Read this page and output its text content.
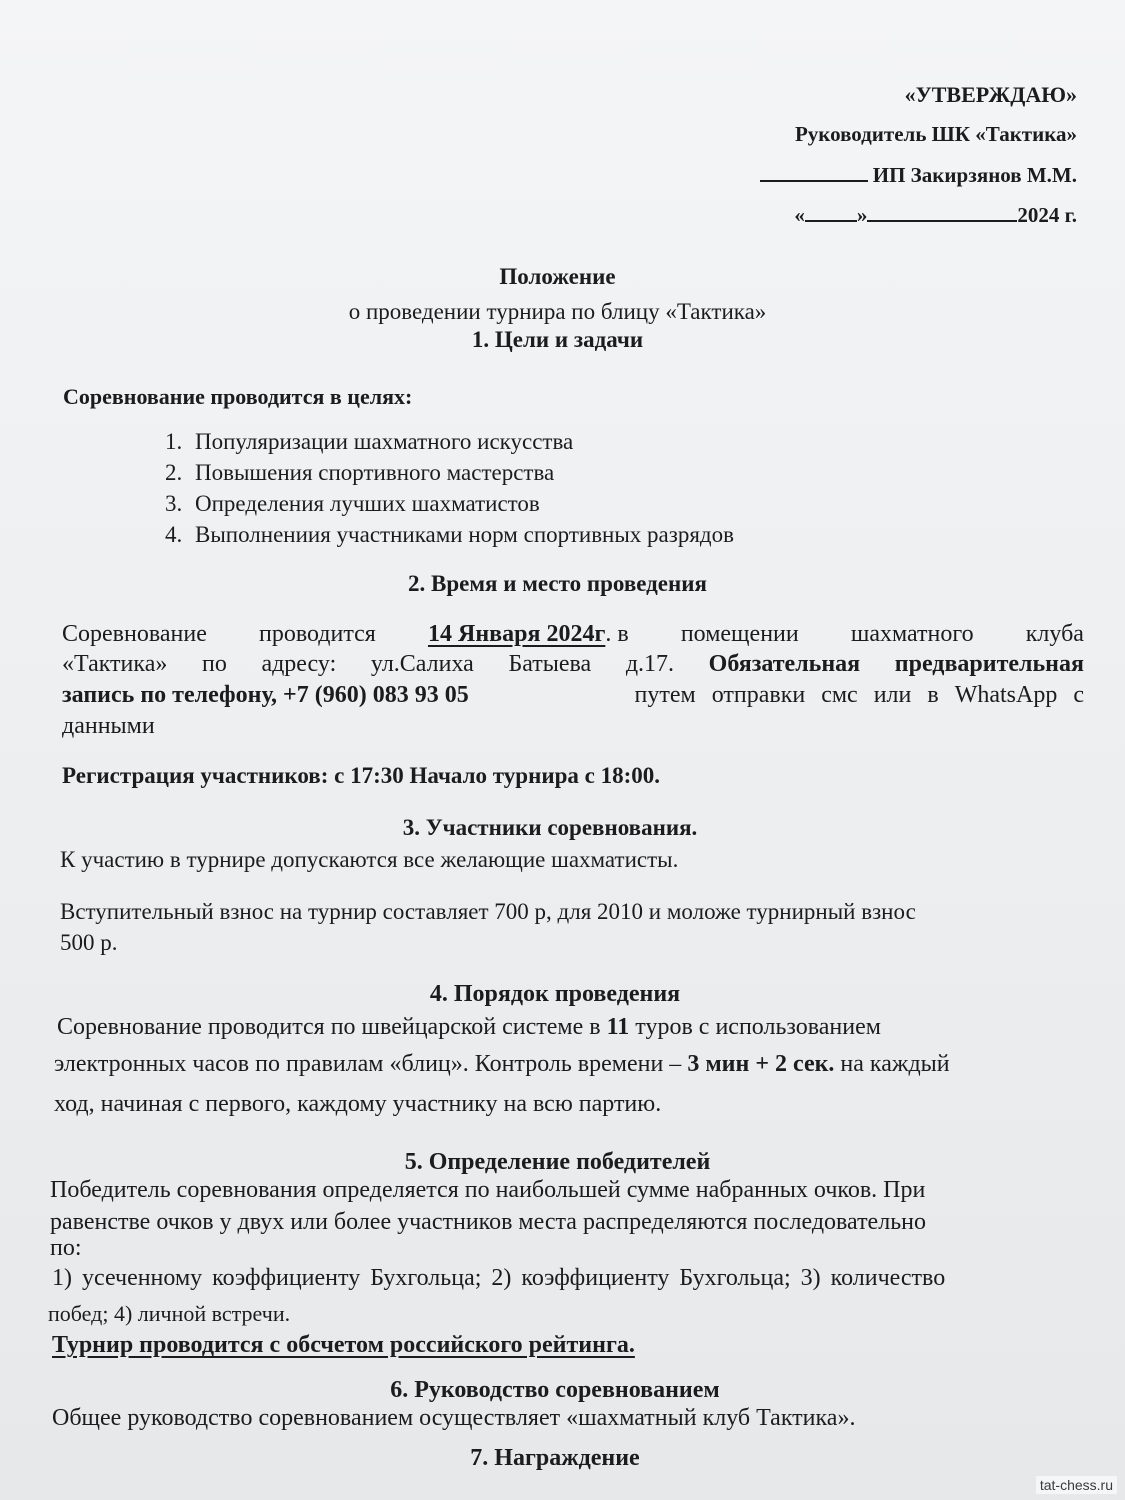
«УТВЕРЖДАЮ»
Руководитель ШК «Тактика»
ИП Закирзянов М.М.
« »	2024 г.
Положение
о проведении турнира по блицу «Тактика»
1. Цели и задачи
Соревнование проводится в целях:
1. Популяризации шахматного искусства
2. Повышения спортивного мастерства
3. Определения лучших шахматистов
4. Выполнениия участниками норм спортивных разрядов
2. Время и место проведения
Соревнование проводится 14 Января 2024г. в помещении шахматного клуба
«Тактика» по адресу: ул.Салиха Батыева д.17. Обязательная предварительная
запись по телефону, +7 (960) 083 93 05	путем отправки смс или в WhatsApp с
данными
Регистрация участников: с 17:30 Начало турнира с 18:00.
3. Участники соревнования.
К участию в турнире допускаются все желающие шахматисты.
Вступительный взнос на турнир составляет 700 р, для 2010 и моложе турнирный взнос
500 р.
4. Порядок проведения
Соревнование проводится по швейцарской системе в 11 туров с использованием
электронных часов по правилам «блиц». Контроль времени – 3 мин + 2 сек. на каждый
ход, начиная с первого, каждому участнику на всю партию.
5. Определение победителей
Победитель соревнования определяется по наибольшей сумме набранных очков. При
равенстве очков у двух или более участников места распределяются последовательно
по:
1) усеченному коэффициенту Бухгольца; 2) коэффициенту Бухгольца; 3) количество
побед; 4) личной встречи.
Турнир проводится с обсчетом российского рейтинга.
6. Руководство соревнованием
Общее руководство соревнованием осуществляет «шахматный клуб Тактика».
7. Награждение
tat-chess.ru
